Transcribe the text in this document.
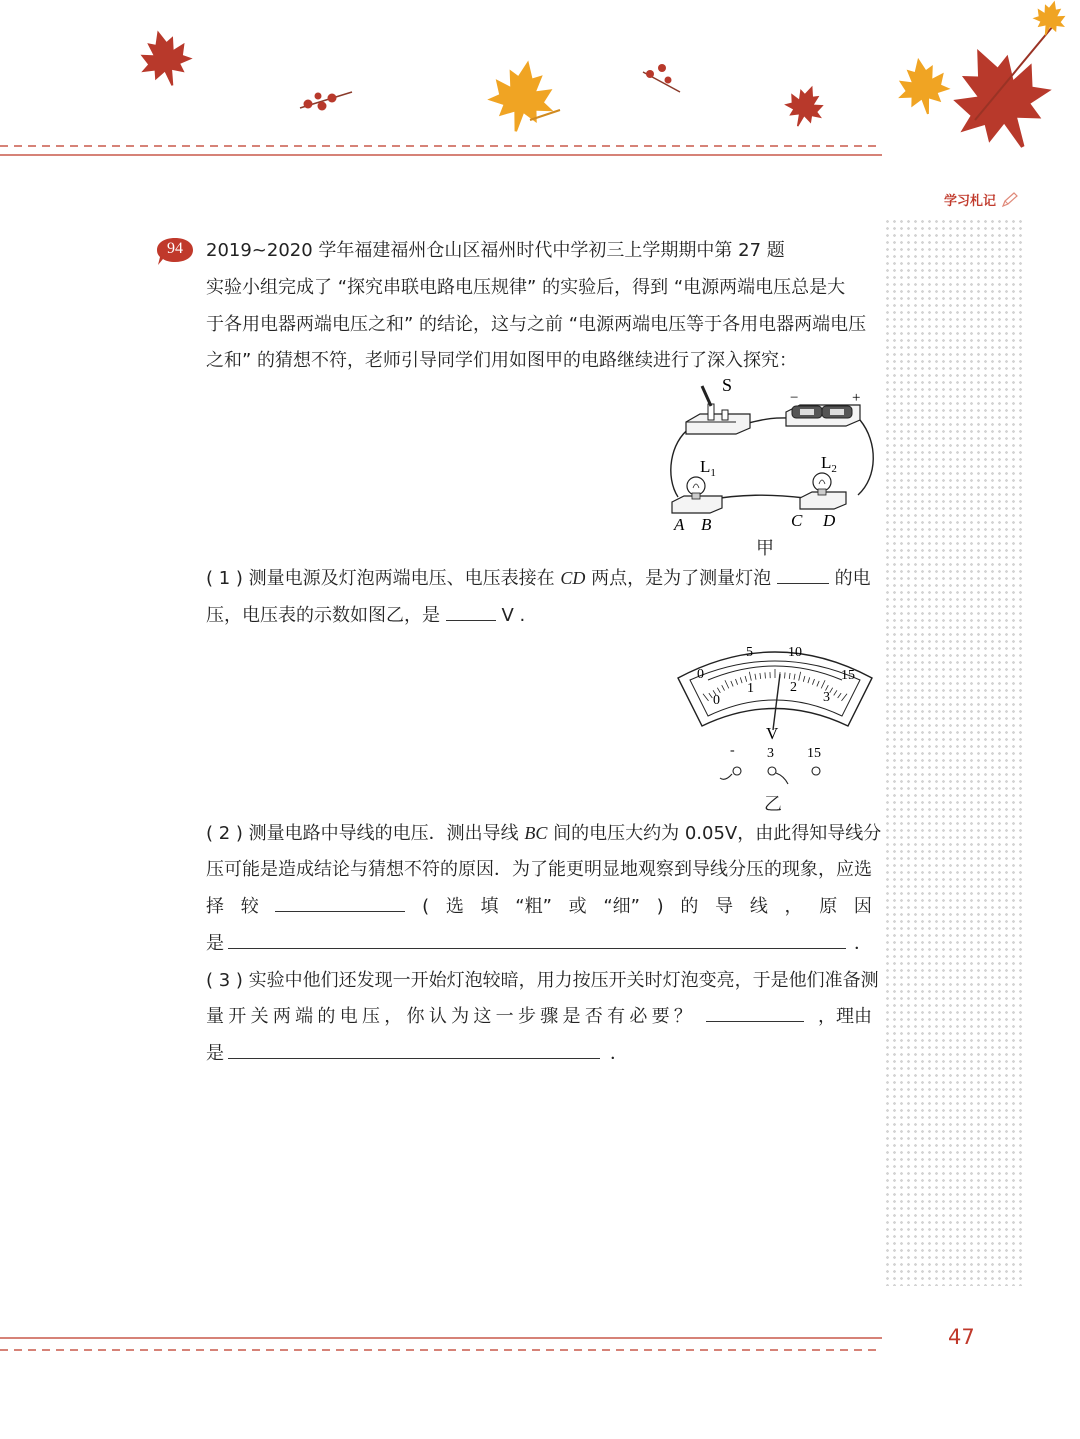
学习札记
94	2019~2020 学年福建福州仓山区福州时代中学初三上学期期中第 27 题
实验小组完成了 “探究串联电路电压规律” 的实验后，得到 “电源两端电压总是大
于各用电器两端电压之和” 的结论，这与之前 “电源两端电压等于各用电器两端电压
之和” 的猜想不符，老师引导同学们用如图甲的电路继续进行了深入探究：
S
−	+
$L_1$
$L_2$
A B	C D
甲
( 1 ) 测量电源及灯泡两端电压、电压表接在 CD 两点，是为了测量灯泡	的电
压，电压表的示数如图乙，是	V .
0
5	10
15
0
1	2
3
V
- 3 15
乙
( 2 ) 测量电路中导线的电压．测出导线 BC 间的电压大约为 0.05V，由此得知导线分
压可能是造成结论与猜想不符的原因．为了能更明显地观察到导线分压的现象，应选
择 较	( 选 填 “粗” 或 “细” ) 的 导 线 ， 原 因
是	．
( 3 ) 实验中他们还发现一开始灯泡较暗，用力按压开关时灯泡变亮，于是他们准备测
量 开 关 两 端 的 电 压 ， 你 认 为 这 一 步 骤 是 否 有 必 要 ？	，理由
是	．
47
